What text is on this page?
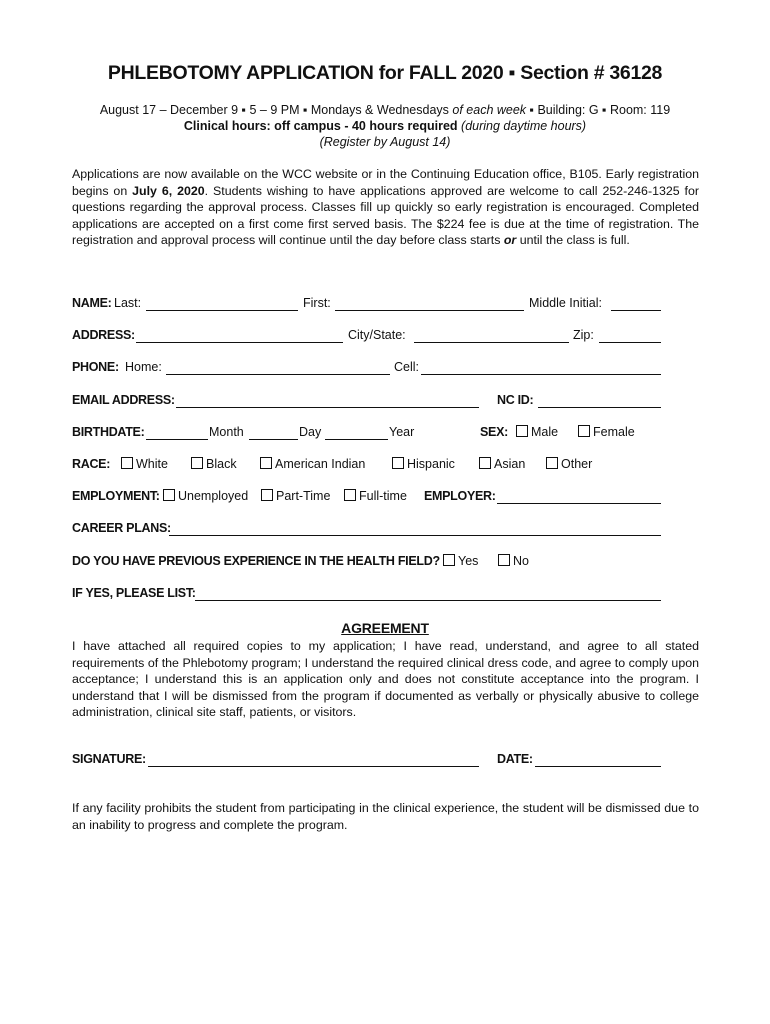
PHLEBOTOMY APPLICATION for FALL 2020 ▪ Section # 36128
August 17 – December 9 ▪ 5 – 9 PM ▪ Mondays & Wednesdays of each week ▪ Building: G ▪ Room: 119
Clinical hours: off campus - 40 hours required (during daytime hours)
(Register by August 14)

Applications are now available on the WCC website or in the Continuing Education office, B105. Early registration begins on July 6, 2020. Students wishing to have applications approved are welcome to call 252-246-1325 for questions regarding the approval process. Classes fill up quickly so early registration is encouraged. Completed applications are accepted on a first come first served basis. The $224 fee is due at the time of registration. The registration and approval process will continue until the day before class starts or until the class is full.

NAME: Last:	First:	Middle Initial:
ADDRESS:	City/State:	Zip:
PHONE: Home:	Cell:
EMAIL ADDRESS:	NC ID:
BIRTHDATE:	Month	Day	Year	SEX:	Male	Female
RACE:	White	Black	American Indian	Hispanic	Asian	Other
EMPLOYMENT:	Unemployed	Part-Time	Full-time EMPLOYER:
CAREER PLANS:
DO YOU HAVE PREVIOUS EXPERIENCE IN THE HEALTH FIELD?	Yes	No
IF YES, PLEASE LIST:
AGREEMENT

I have attached all required copies to my application; I have read, understand, and agree to all stated requirements of the Phlebotomy program; I understand the required clinical dress code, and agree to comply upon acceptance; I understand this is an application only and does not constitute acceptance into the program. I understand that I will be dismissed from the program if documented as verbally or physically abusive to college administration, clinical site staff, patients, or visitors.

SIGNATURE:	DATE:

If any facility prohibits the student from participating in the clinical experience, the student will be dismissed due to an inability to progress and complete the program.
